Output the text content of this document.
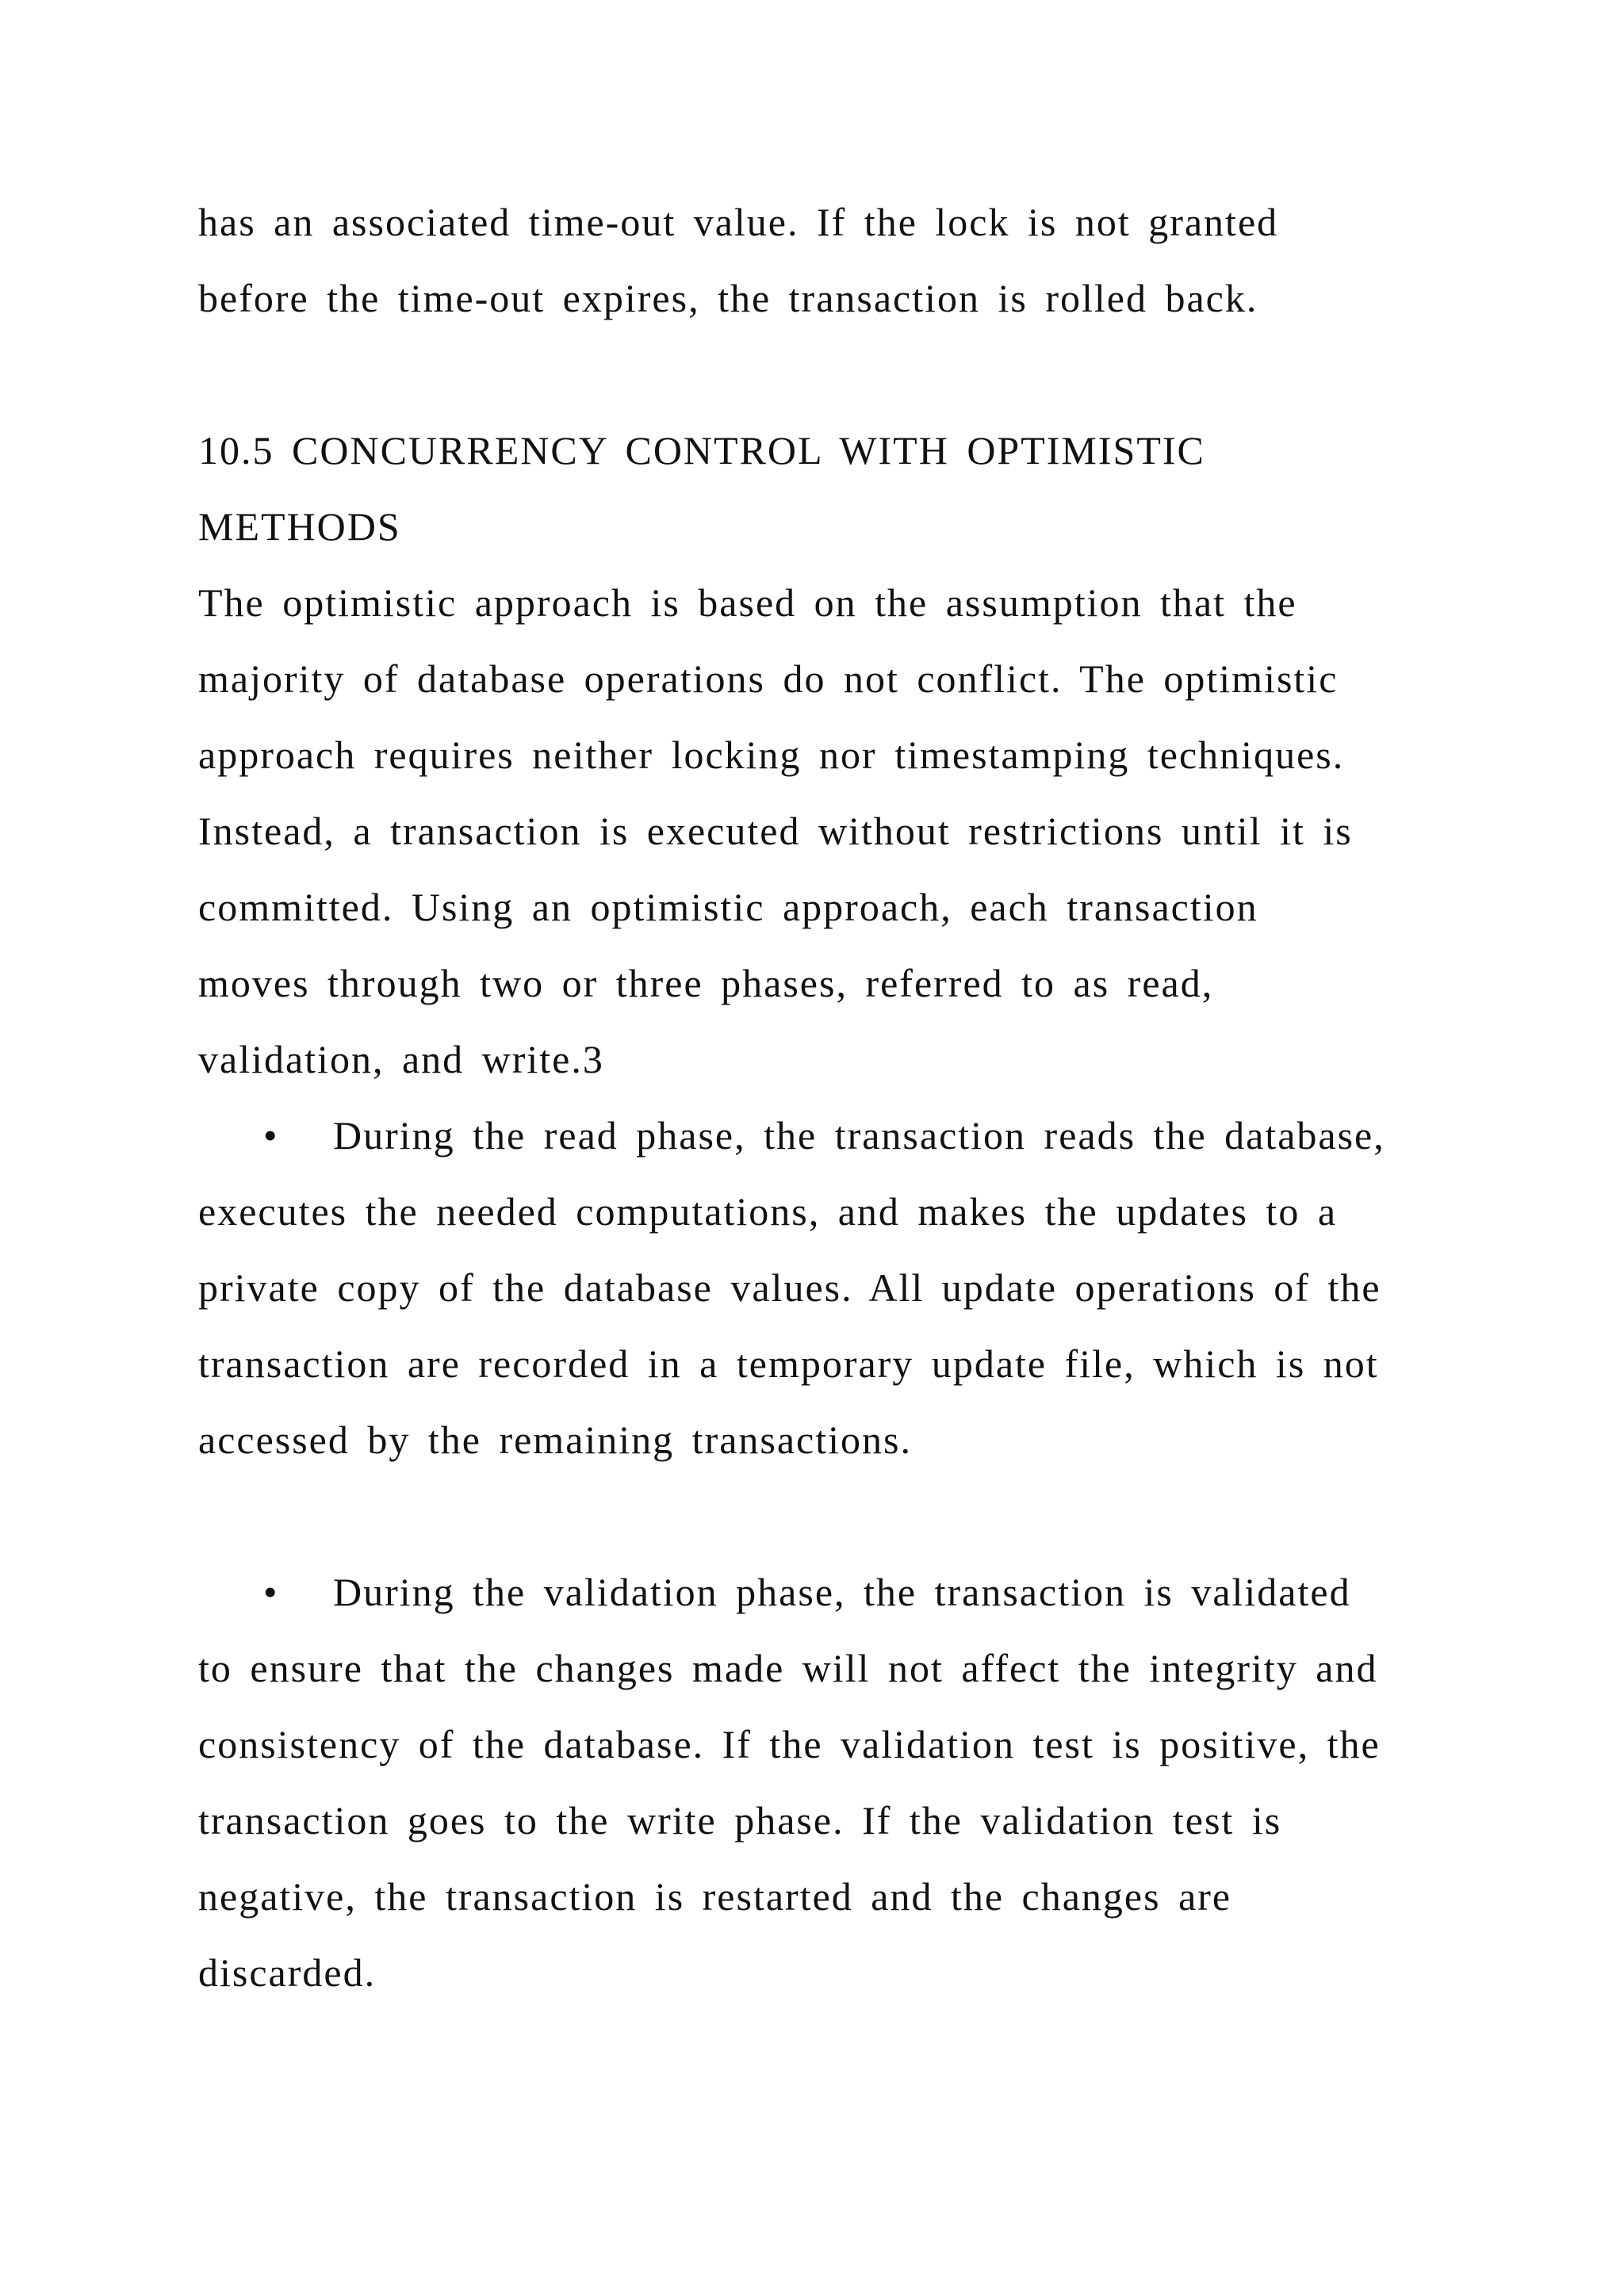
has an associated time-out value. If the lock is not granted
before the time-out expires, the transaction is rolled back.
10.5 CONCURRENCY CONTROL WITH OPTIMISTIC
METHODS
The optimistic approach is based on the assumption that the
majority of database operations do not conflict. The optimistic
approach requires neither locking nor timestamping techniques.
Instead, a transaction is executed without restrictions until it is
committed. Using an optimistic approach, each transaction
moves through two or three phases, referred to as read,
validation, and write.3
• During the read phase, the transaction reads the database,
executes the needed computations, and makes the updates to a
private copy of the database values. All update operations of the
transaction are recorded in a temporary update file, which is not
accessed by the remaining transactions.
• During the validation phase, the transaction is validated
to ensure that the changes made will not affect the integrity and
consistency of the database. If the validation test is positive, the
transaction goes to the write phase. If the validation test is
negative, the transaction is restarted and the changes are
discarded.
